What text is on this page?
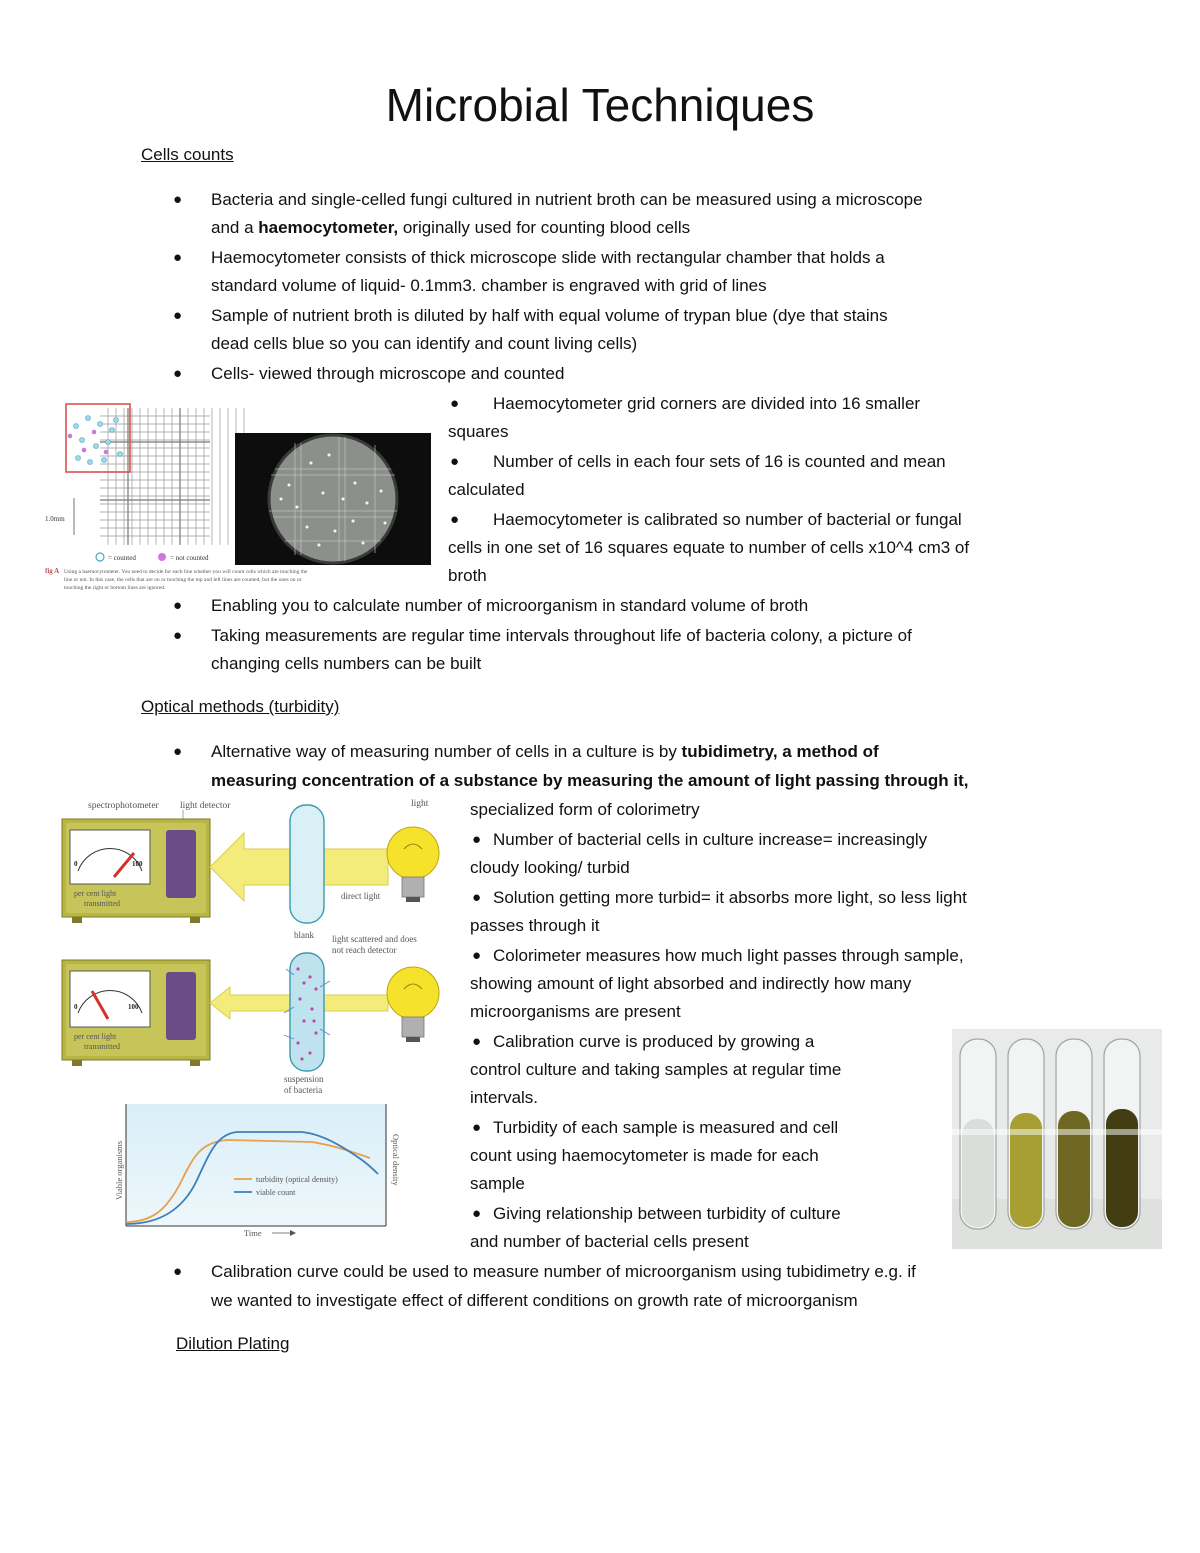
Microbial Techniques
Cells counts
● Bacteria and single-celled fungi cultured in nutrient broth can be measured using a microscope
and a haemocytometer, originally used for counting blood cells
● Haemocytometer consists of thick microscope slide with rectangular chamber that holds a
standard volume of liquid- 0.1mm3. chamber is engraved with grid of lines
● Sample of nutrient broth is diluted by half with equal volume of trypan blue (dye that stains
dead cells blue so you can identify and count living cells)
● Cells- viewed through microscope and counted
● Haemocytometer grid corners are divided into 16 smaller
squares
● Number of cells in each four sets of 16 is counted and mean
calculated
● Haemocytometer is calibrated so number of bacterial or fungal
cells in one set of 16 squares equate to number of cells x10^4 cm3 of
broth
1.0mm
= counted	= not counted
fig A Using a haemocytometer. You need to decide for each line whether you will count cells which are touching the
line or not. In this case, the cells that are on or touching the top and left lines are counted, but the ones on or
touching the right or bottom lines are ignored.
● Enabling you to calculate number of microorganism in standard volume of broth
● Taking measurements are regular time intervals throughout life of bacteria colony, a picture of
changing cells numbers can be built
Optical methods (turbidity)
● Alternative way of measuring number of cells in a culture is by tubidimetry, a method of
measuring concentration of a substance by measuring the amount of light passing through it,
specialized form of colorimetry
● Number of bacterial cells in culture increase= increasingly
cloudy looking/ turbid
● Solution getting more turbid= it absorbs more light, so less light
passes through it
● Colorimeter measures how much light passes through sample,
showing amount of light absorbed and indirectly how many
microorganisms are present
● Calibration curve is produced by growing a
control culture and taking samples at regular time
intervals.
● Turbidity of each sample is measured and cell
count using haemocytometer is made for each
sample
● Giving relationship between turbidity of culture
and number of bacterial cells present
spectrophotometer light detector	light
0	100
per cent light
transmitted
direct light
blank light scattered and does
not reach detector
0	100
per cent light
transmitted
suspension
of bacteria
turbidity (optical density)
viable count
Viable organisms	Optical density
Time
● Calibration curve could be used to measure number of microorganism using tubidimetry e.g. if
we wanted to investigate effect of different conditions on growth rate of microorganism
Dilution Plating
